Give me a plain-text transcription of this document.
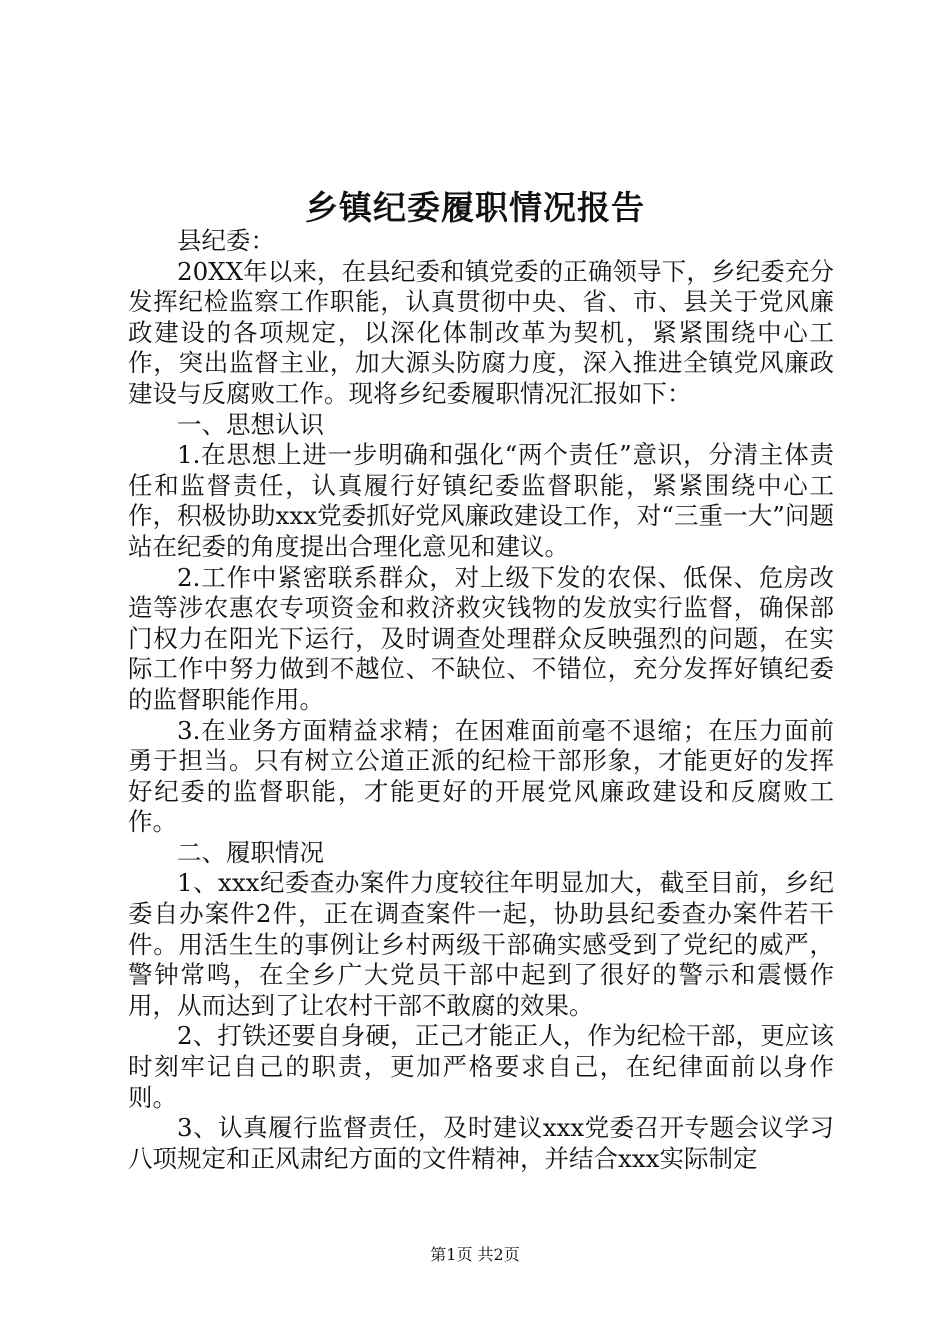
乡镇纪委履职情况报告

县纪委：

20XX年以来，在县纪委和镇党委的正确领导下，乡纪委充分发挥纪检监察工作职能，认真贯彻中央、省、市、县关于党风廉政建设的各项规定，以深化体制改革为契机，紧紧围绕中心工作，突出监督主业，加大源头防腐力度，深入推进全镇党风廉政建设与反腐败工作。现将乡纪委履职情况汇报如下：

一、思想认识

1.在思想上进一步明确和强化“两个责任”意识，分清主体责任和监督责任，认真履行好镇纪委监督职能，紧紧围绕中心工作，积极协助xxx党委抓好党风廉政建设工作，对“三重一大”问题站在纪委的角度提出合理化意见和建议。

2.工作中紧密联系群众，对上级下发的农保、低保、危房改造等涉农惠农专项资金和救济救灾钱物的发放实行监督，确保部门权力在阳光下运行，及时调查处理群众反映强烈的问题，在实际工作中努力做到不越位、不缺位、不错位，充分发挥好镇纪委的监督职能作用。

3.在业务方面精益求精；在困难面前毫不退缩；在压力面前勇于担当。只有树立公道正派的纪检干部形象，才能更好的发挥好纪委的监督职能，才能更好的开展党风廉政建设和反腐败工作。

二、履职情况

1、xxx纪委查办案件力度较往年明显加大，截至目前，乡纪委自办案件2件，正在调查案件一起，协助县纪委查办案件若干件。用活生生的事例让乡村两级干部确实感受到了党纪的威严，警钟常鸣，在全乡广大党员干部中起到了很好的警示和震慑作用，从而达到了让农村干部不敢腐的效果。

2、打铁还要自身硬，正己才能正人，作为纪检干部，更应该时刻牢记自己的职责，更加严格要求自己，在纪律面前以身作则。

3、认真履行监督责任，及时建议xxx党委召开专题会议学习八项规定和正风肃纪方面的文件精神，并结合xxx实际制定

第1页 共2页
